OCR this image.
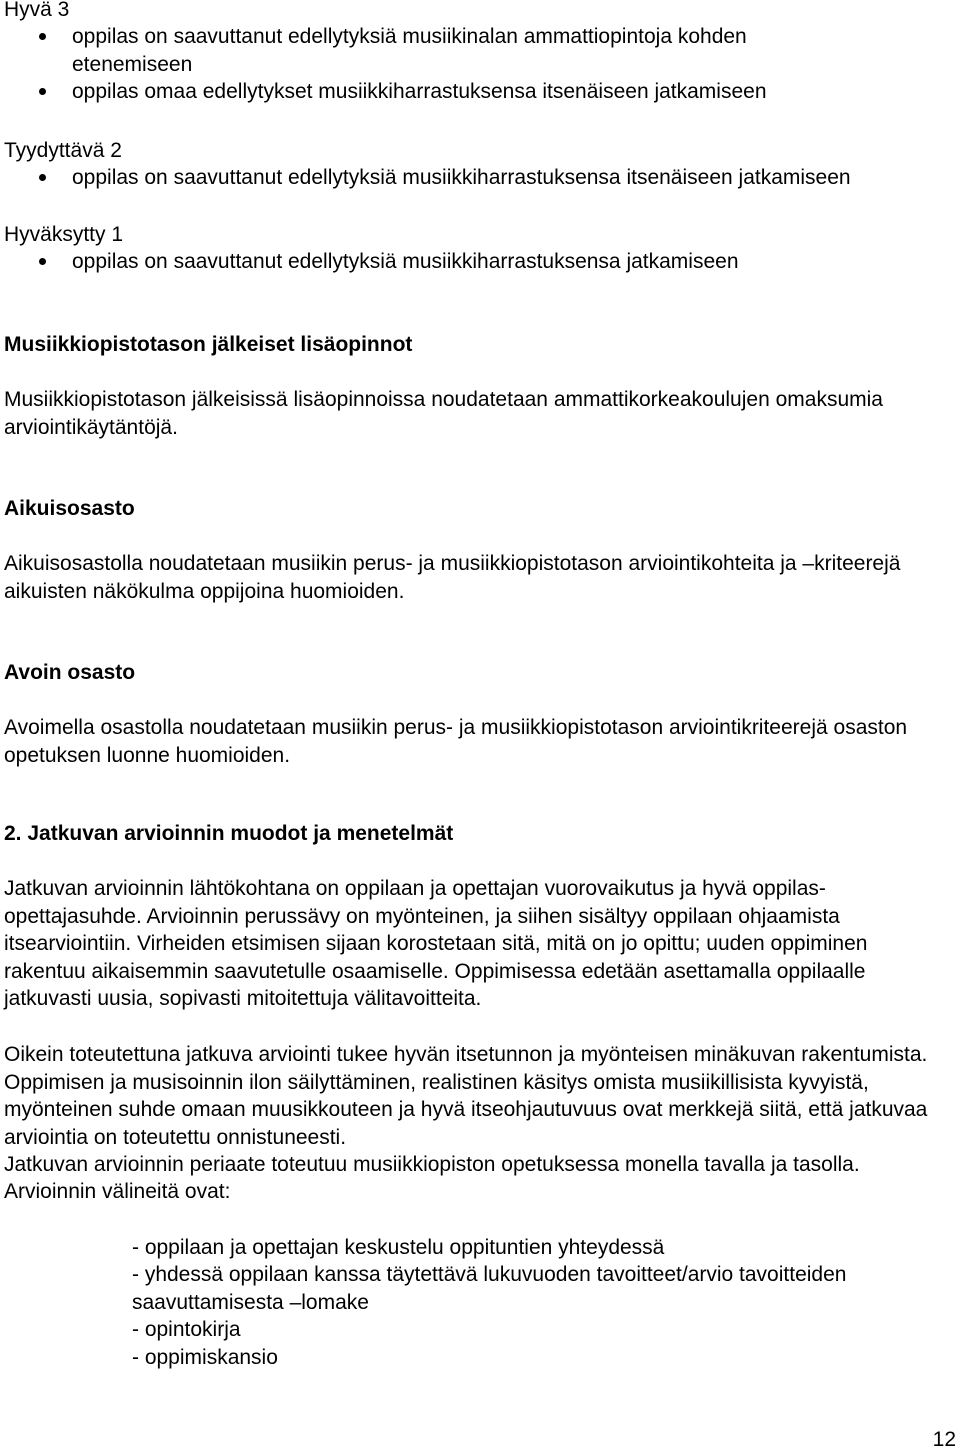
Hyvä 3
oppilas on saavuttanut edellytyksiä musiikinalan ammattiopintoja kohden etenemiseen
oppilas omaa edellytykset musiikkiharrastuksensa itsenäiseen jatkamiseen
Tyydyttävä 2
oppilas on saavuttanut edellytyksiä musiikkiharrastuksensa itsenäiseen jatkamiseen
Hyväksytty 1
oppilas on saavuttanut edellytyksiä musiikkiharrastuksensa jatkamiseen
Musiikkiopistotason jälkeiset lisäopinnot

Musiikkiopistotason jälkeisissä lisäopinnoissa noudatetaan ammattikorkeakoulujen omaksumia arviointikäytäntöjä.

Aikuisosasto

Aikuisosastolla noudatetaan musiikin perus- ja musiikkiopistotason arviointikohteita ja –kriteerejä aikuisten näkökulma oppijoina huomioiden.

Avoin osasto

Avoimella osastolla noudatetaan musiikin perus- ja musiikkiopistotason arviointikriteerejä osaston opetuksen luonne huomioiden.

2. Jatkuvan arvioinnin muodot ja menetelmät

Jatkuvan arvioinnin lähtökohtana on oppilaan ja opettajan vuorovaikutus ja hyvä oppilas-opettajasuhde. Arvioinnin perussävy on myönteinen, ja siihen sisältyy oppilaan ohjaamista itsearviointiin. Virheiden etsimisen sijaan korostetaan sitä, mitä on jo opittu; uuden oppiminen rakentuu aikaisemmin saavutetulle osaamiselle. Oppimisessa edetään asettamalla oppilaalle jatkuvasti uusia, sopivasti mitoitettuja välitavoitteita.

Oikein toteutettuna jatkuva arviointi tukee hyvän itsetunnon ja myönteisen minäkuvan rakentumista. Oppimisen ja musisoinnin ilon säilyttäminen, realistinen käsitys omista musiikillisista kyvyistä, myönteinen suhde omaan muusikkouteen ja hyvä itseohjautuvuus ovat merkkejä siitä, että jatkuvaa arviointia on toteutettu onnistuneesti.

Jatkuvan arvioinnin periaate toteutuu musiikkiopiston opetuksessa monella tavalla ja tasolla. Arvioinnin välineitä ovat:

- oppilaan ja opettajan keskustelu oppituntien yhteydessä
- yhdessä oppilaan kanssa täytettävä lukuvuoden tavoitteet/arvio tavoitteiden saavuttamisesta –lomake
- opintokirja
- oppimiskansio
12
